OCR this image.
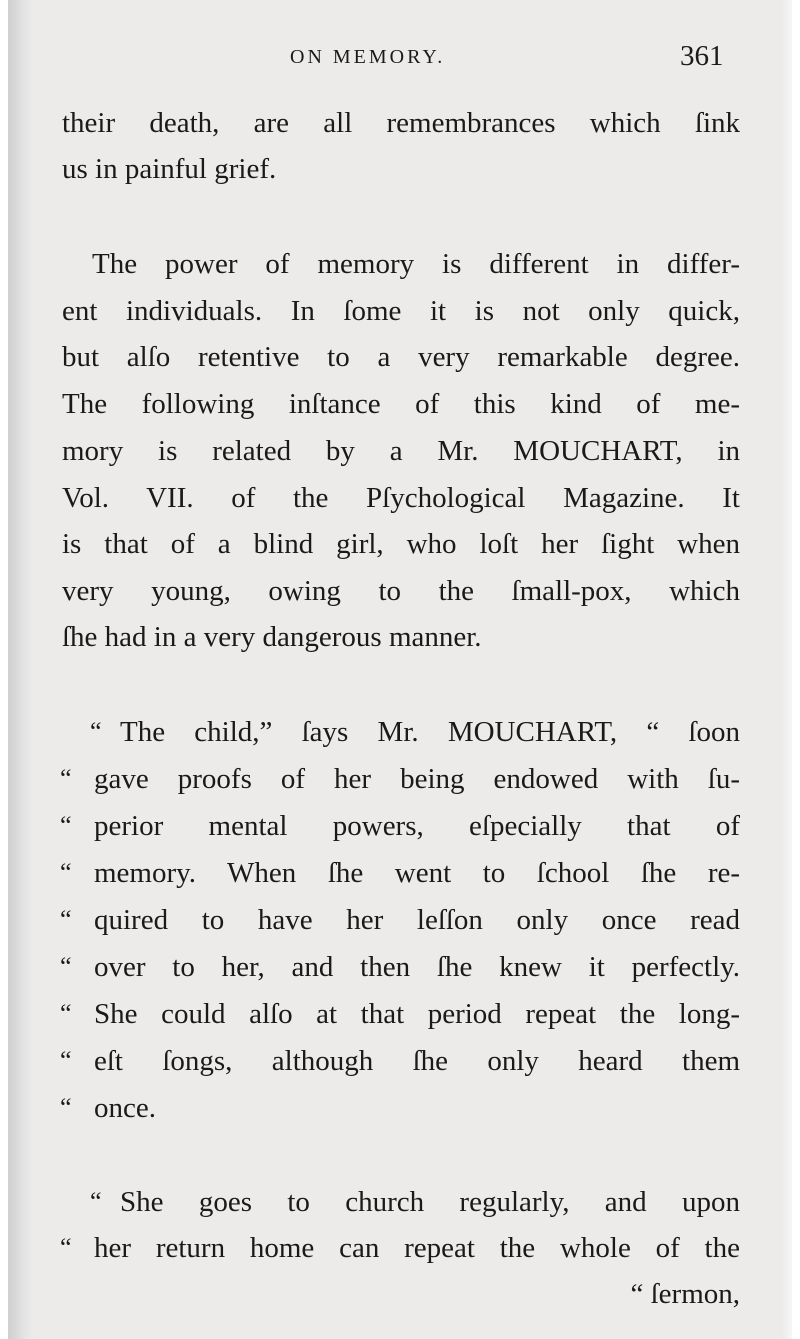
ON MEMORY.	361
their death, are all remembrances which ſink
us in painful grief.
The power of memory is different in differ-
ent individuals. In ſome it is not only quick,
but alſo retentive to a very remarkable degree.
The following inſtance of this kind of me-
mory is related by a Mr. MOUCHART, in
Vol. VII. of the Pſychological Magazine. It
is that of a blind girl, who loſt her ſight when
very young, owing to the ſmall-pox, which
ſhe had in a very dangerous manner.
“ The child,” ſays Mr. MOUCHART, “ ſoon
“ gave proofs of her being endowed with ſu-
“ perior mental powers, eſpecially that of
“ memory. When ſhe went to ſchool ſhe re-
“ quired to have her leſſon only once read
“ over to her, and then ſhe knew it perfectly.
“ She could alſo at that period repeat the long-
“ eſt ſongs, although ſhe only heard them
“ once.
“ She goes to church regularly, and upon
“ her return home can repeat the whole of the
“ ſermon,
